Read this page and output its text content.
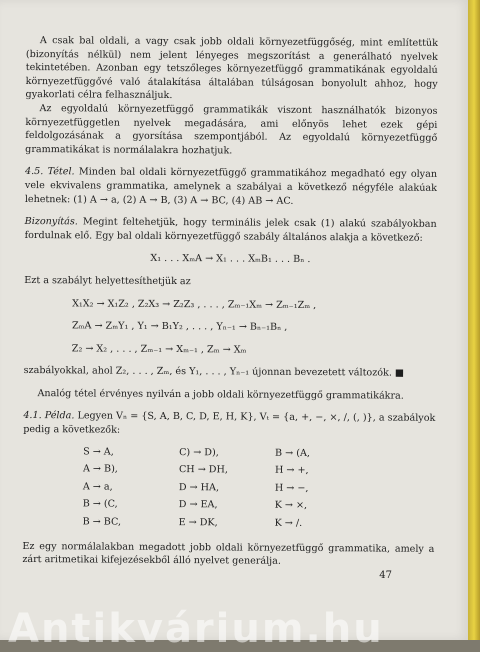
A csak bal oldali, a vagy csak jobb oldali környezetfüggőség, mint említettük (bizonyítás nélkül) nem jelent lényeges megszorítást a generálható nyelvek tekintetében. Azonban egy tetszőleges környezetfüggő grammatikának egyoldalú környezetfüggővé való átalakítása általában túlságosan bonyolult ahhoz, hogy gyakorlati célra felhasználjuk.

Az egyoldalú környezetfüggő grammatikák viszont használhatók bizonyos környezetfüggetlen nyelvek megadására, ami előnyös lehet ezek gépi feldolgozásának a gyorsítása szempontjából. Az egyoldalú környezetfüggő grammatikákat is normálalakra hozhatjuk.

4.5. Tétel. Minden bal oldali környezetfüggő grammatikához megadható egy olyan vele ekvivalens grammatika, amelynek a szabályai a következő négyféle alakúak lehetnek: (1) A → a, (2) A → B, (3) A → BC, (4) AB → AC.

Bizonyítás. Megint feltehetjük, hogy terminális jelek csak (1) alakú szabályokban fordulnak elő. Egy bal oldali környezetfüggő szabály általános alakja a következő:

X₁ . . . XₘA → X₁ . . . XₘB₁ . . . Bₙ .

Ezt a szabályt helyettesíthetjük az

X₁X₂ → X₁Z₂ , Z₂X₃ → Z₂Z₃ , . . . , Zₘ₋₁Xₘ → Zₘ₋₁Zₘ ,

ZₘA → ZₘY₁ , Y₁ → B₁Y₂ , . . . , Yₙ₋₁ → Bₙ₋₁Bₙ ,

Z₂ → X₂ , . . . , Zₘ₋₁ → Xₘ₋₁ , Zₘ → Xₘ

szabályokkal, ahol Z₂, . . . , Zₘ, és Y₁, . . . , Yₙ₋₁ újonnan bevezetett változók. ■

Analóg tétel érvényes nyilván a jobb oldali környezetfüggő grammatikákra.

4.1. Példa. Legyen Vₙ = {S, A, B, C, D, E, H, K}, Vₜ = {a, +, −, ×, /, (, )}, a szabályok pedig a következők:

S → A,	C) → D),	B → (A,
A → B),	CH → DH,	H → +,
A → a,	D → HA,	H → −,
B → (C,	D → EA,	K → ×,
B → BC,	E → DK,	K → /.

Ez egy normálalakban megadott jobb oldali környezetfüggő grammatika, amely a zárt aritmetikai kifejezésekből álló nyelvet generálja.

47
Antikvárium.hu
